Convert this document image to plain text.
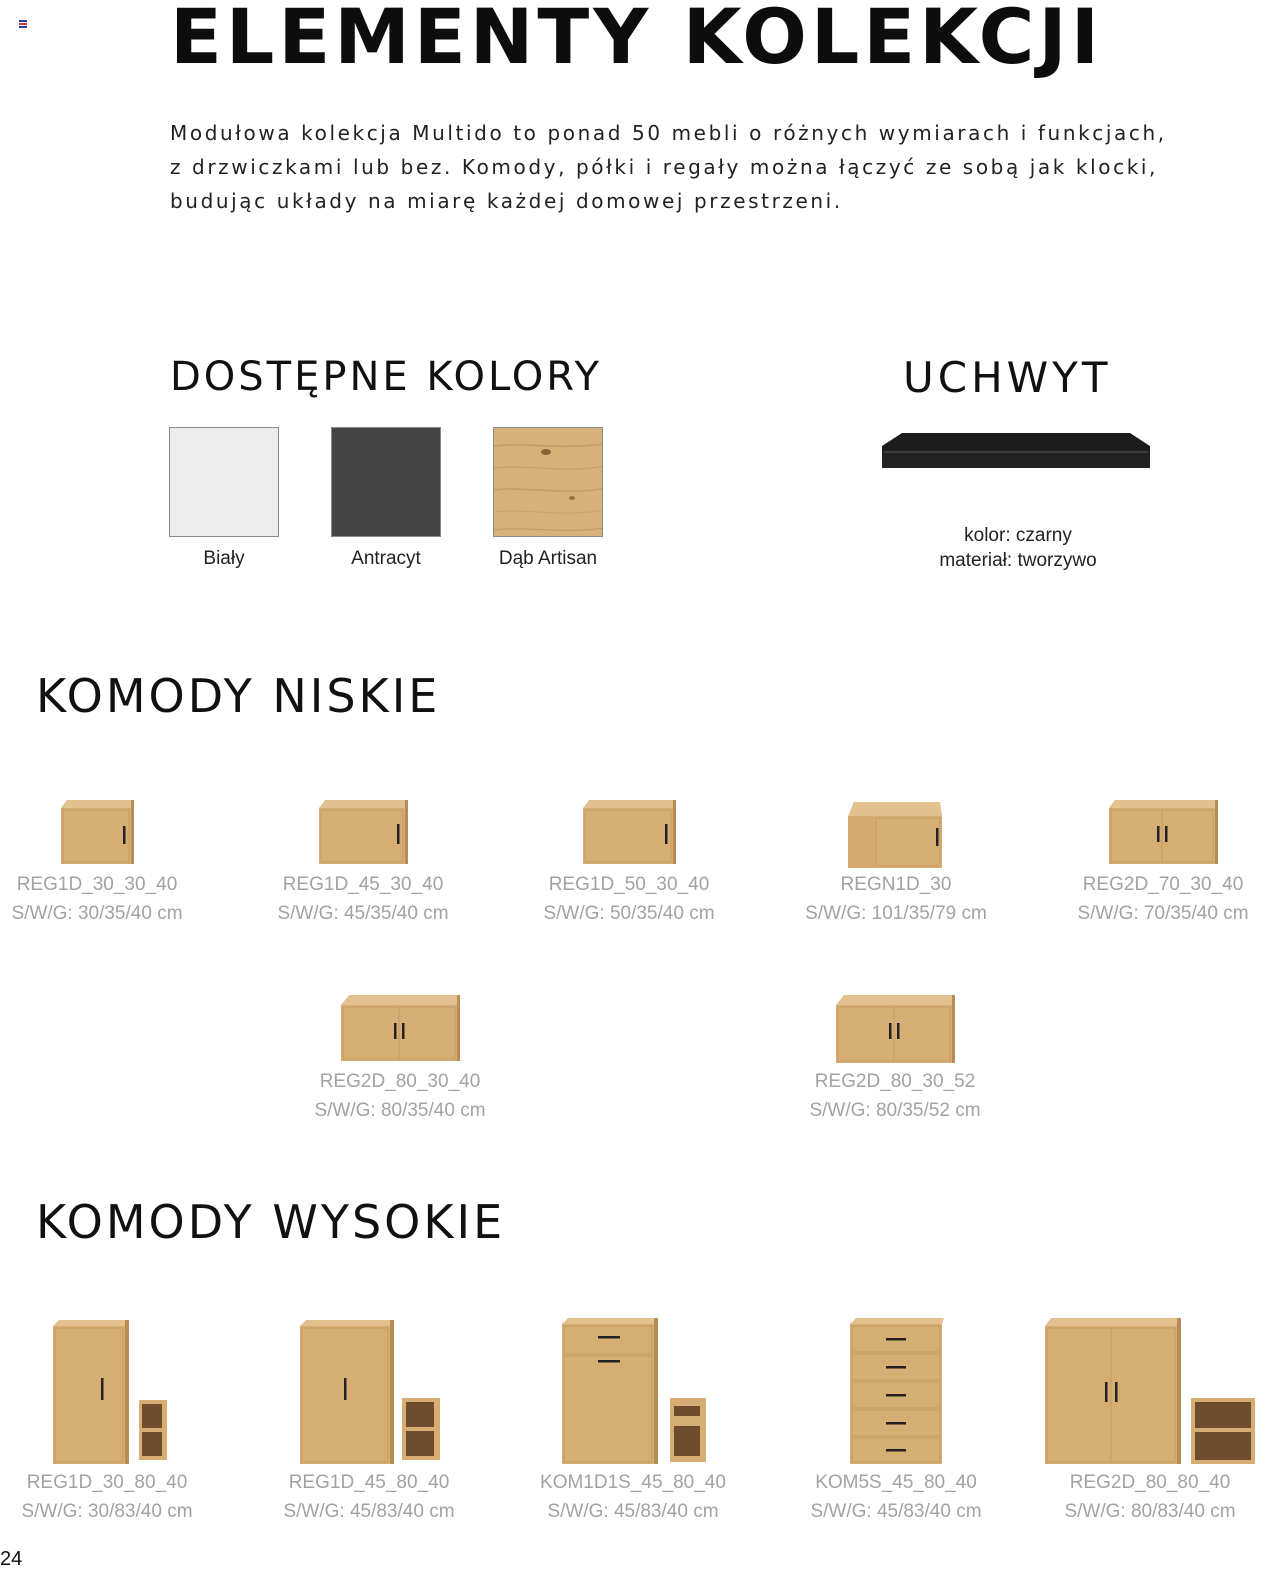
ELEMENTY KOLEKCJI

Modułowa kolekcja Multido to ponad 50 mebli o różnych wymiarach i funkcjach,
z drzwiczkami lub bez. Komody, półki i regały można łączyć ze sobą jak klocki,
budując układy na miarę każdej domowej przestrzeni.

DOSTĘPNE KOLORY
Biały	Antracyt	Dąb Artisan
UCHWYT
kolor: czarny
materiał: tworzywo
KOMODY NISKIE
REG1D_30_30_40
S/W/G: 30/35/40 cm
REG1D_45_30_40
S/W/G: 45/35/40 cm
REG1D_50_30_40
S/W/G: 50/35/40 cm
REGN1D_30
S/W/G: 101/35/79 cm
REG2D_70_30_40
S/W/G: 70/35/40 cm
REG2D_80_30_40
S/W/G: 80/35/40 cm
REG2D_80_30_52
S/W/G: 80/35/52 cm
KOMODY WYSOKIE
REG1D_30_80_40
S/W/G: 30/83/40 cm
REG1D_45_80_40
S/W/G: 45/83/40 cm
KOM1D1S_45_80_40
S/W/G: 45/83/40 cm
KOM5S_45_80_40
S/W/G: 45/83/40 cm
REG2D_80_80_40
S/W/G: 80/83/40 cm
24
